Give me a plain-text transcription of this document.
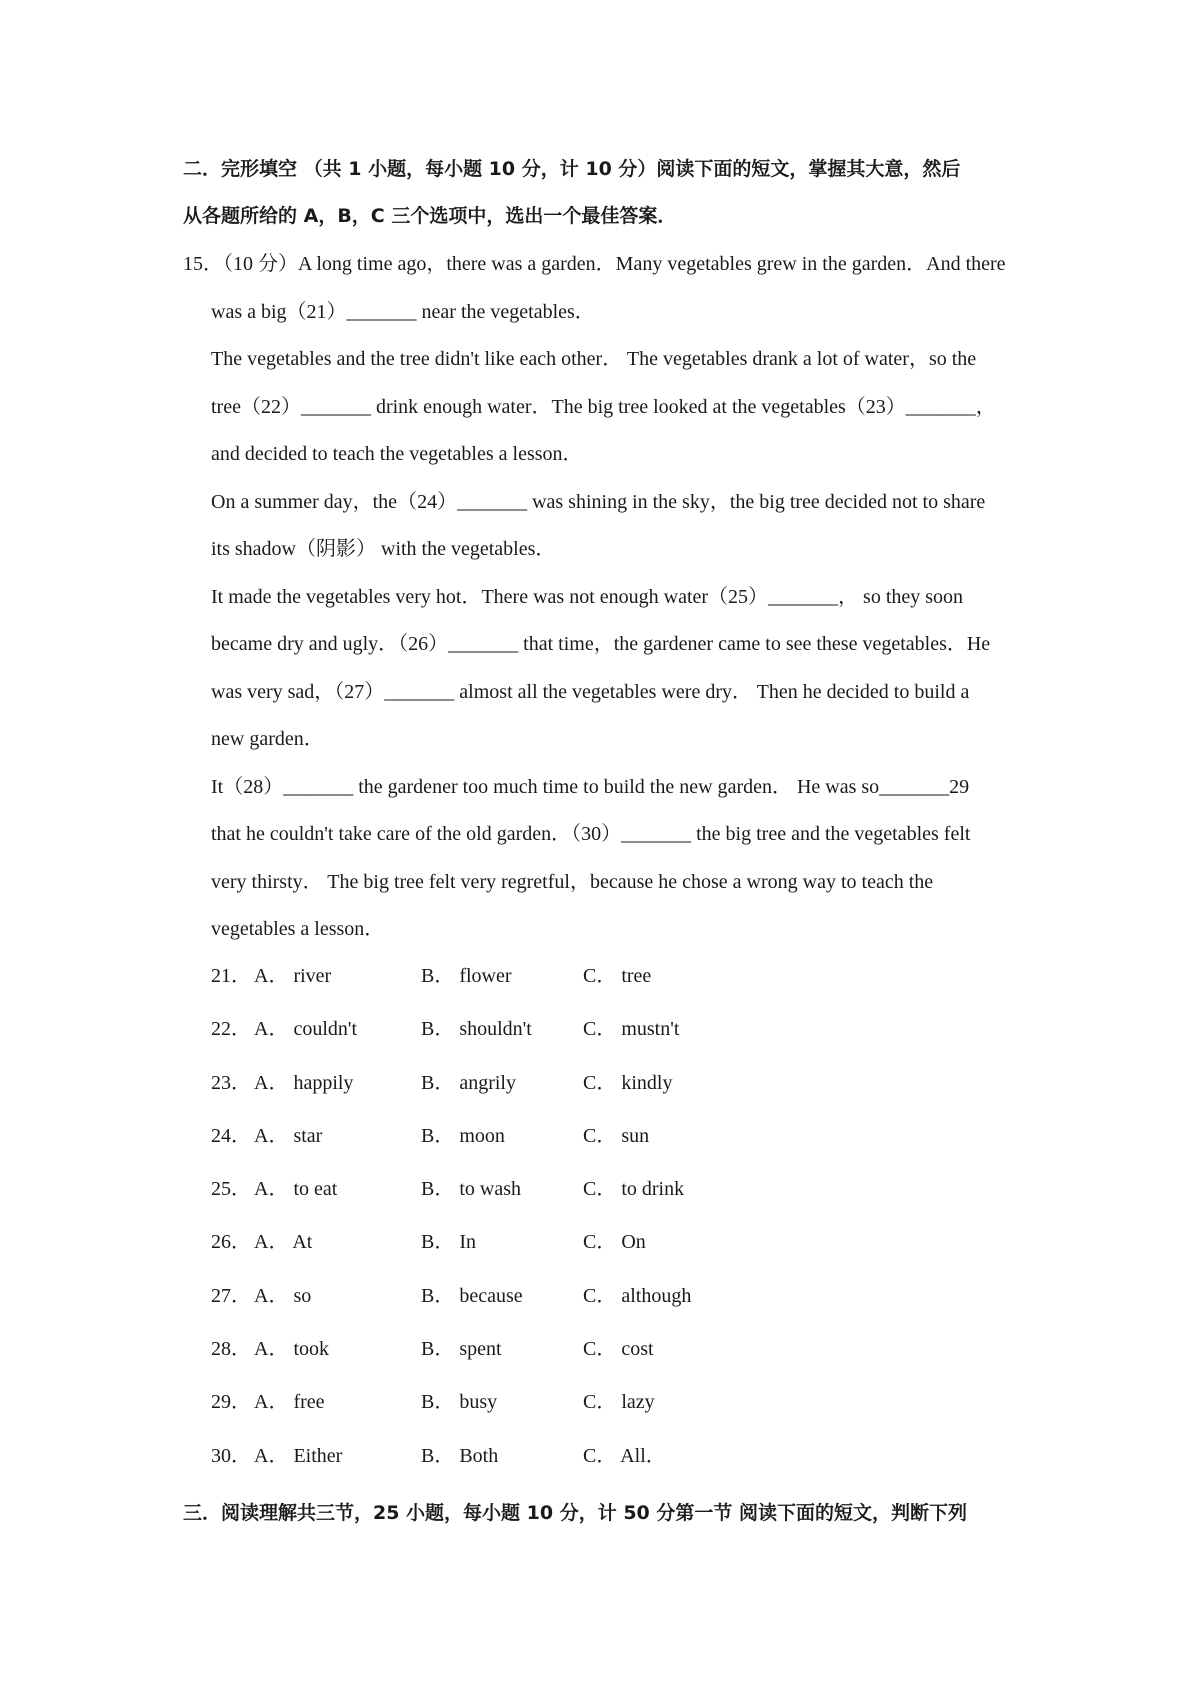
二．完形填空 （共 1 小题，每小题 10 分，计 10 分）阅读下面的短文，掌握其大意，然后
从各题所给的 A，B，C 三个选项中，选出一个最佳答案．
15．（10 分）A long time ago，there was a garden．Many vegetables grew in the garden．And there
was a big（21）_______ near the vegetables．
The vegetables and the tree didn't like each other． The vegetables drank a lot of water，so the
tree（22）_______ drink enough water．The big tree looked at the vegetables（23）_______，
and decided to teach the vegetables a lesson．
On a summer day，the（24）_______ was shining in the sky，the big tree decided not to share
its shadow（阴影） with the vegetables．
It made the vegetables very hot．There was not enough water（25）_______， so they soon
became dry and ugly．（26）_______ that time，the gardener came to see these vegetables．He
was very sad，（27）_______ almost all the vegetables were dry． Then he decided to build a
new garden．
It（28）_______ the gardener too much time to build the new garden． He was so_______29
that he couldn't take care of the old garden．（30）_______ the big tree and the vegetables felt
very thirsty． The big tree felt very regretful，because he chose a wrong way to teach the
vegetables a lesson．
21． A． river	B． flower	C． tree
22． A． couldn't	B． shouldn't	C． mustn't
23． A． happily	B． angrily	C． kindly
24． A． star	B． moon	C． sun
25． A． to eat	B． to wash	C． to drink
26． A． At	B． In	C． On
27． A． so	B． because	C． although
28． A． took	B． spent	C． cost
29． A． free	B． busy	C． lazy
30． A． Either	B． Both	C． All．
三．阅读理解共三节，25 小题，每小题 10 分，计 50 分第一节 阅读下面的短文，判断下列
